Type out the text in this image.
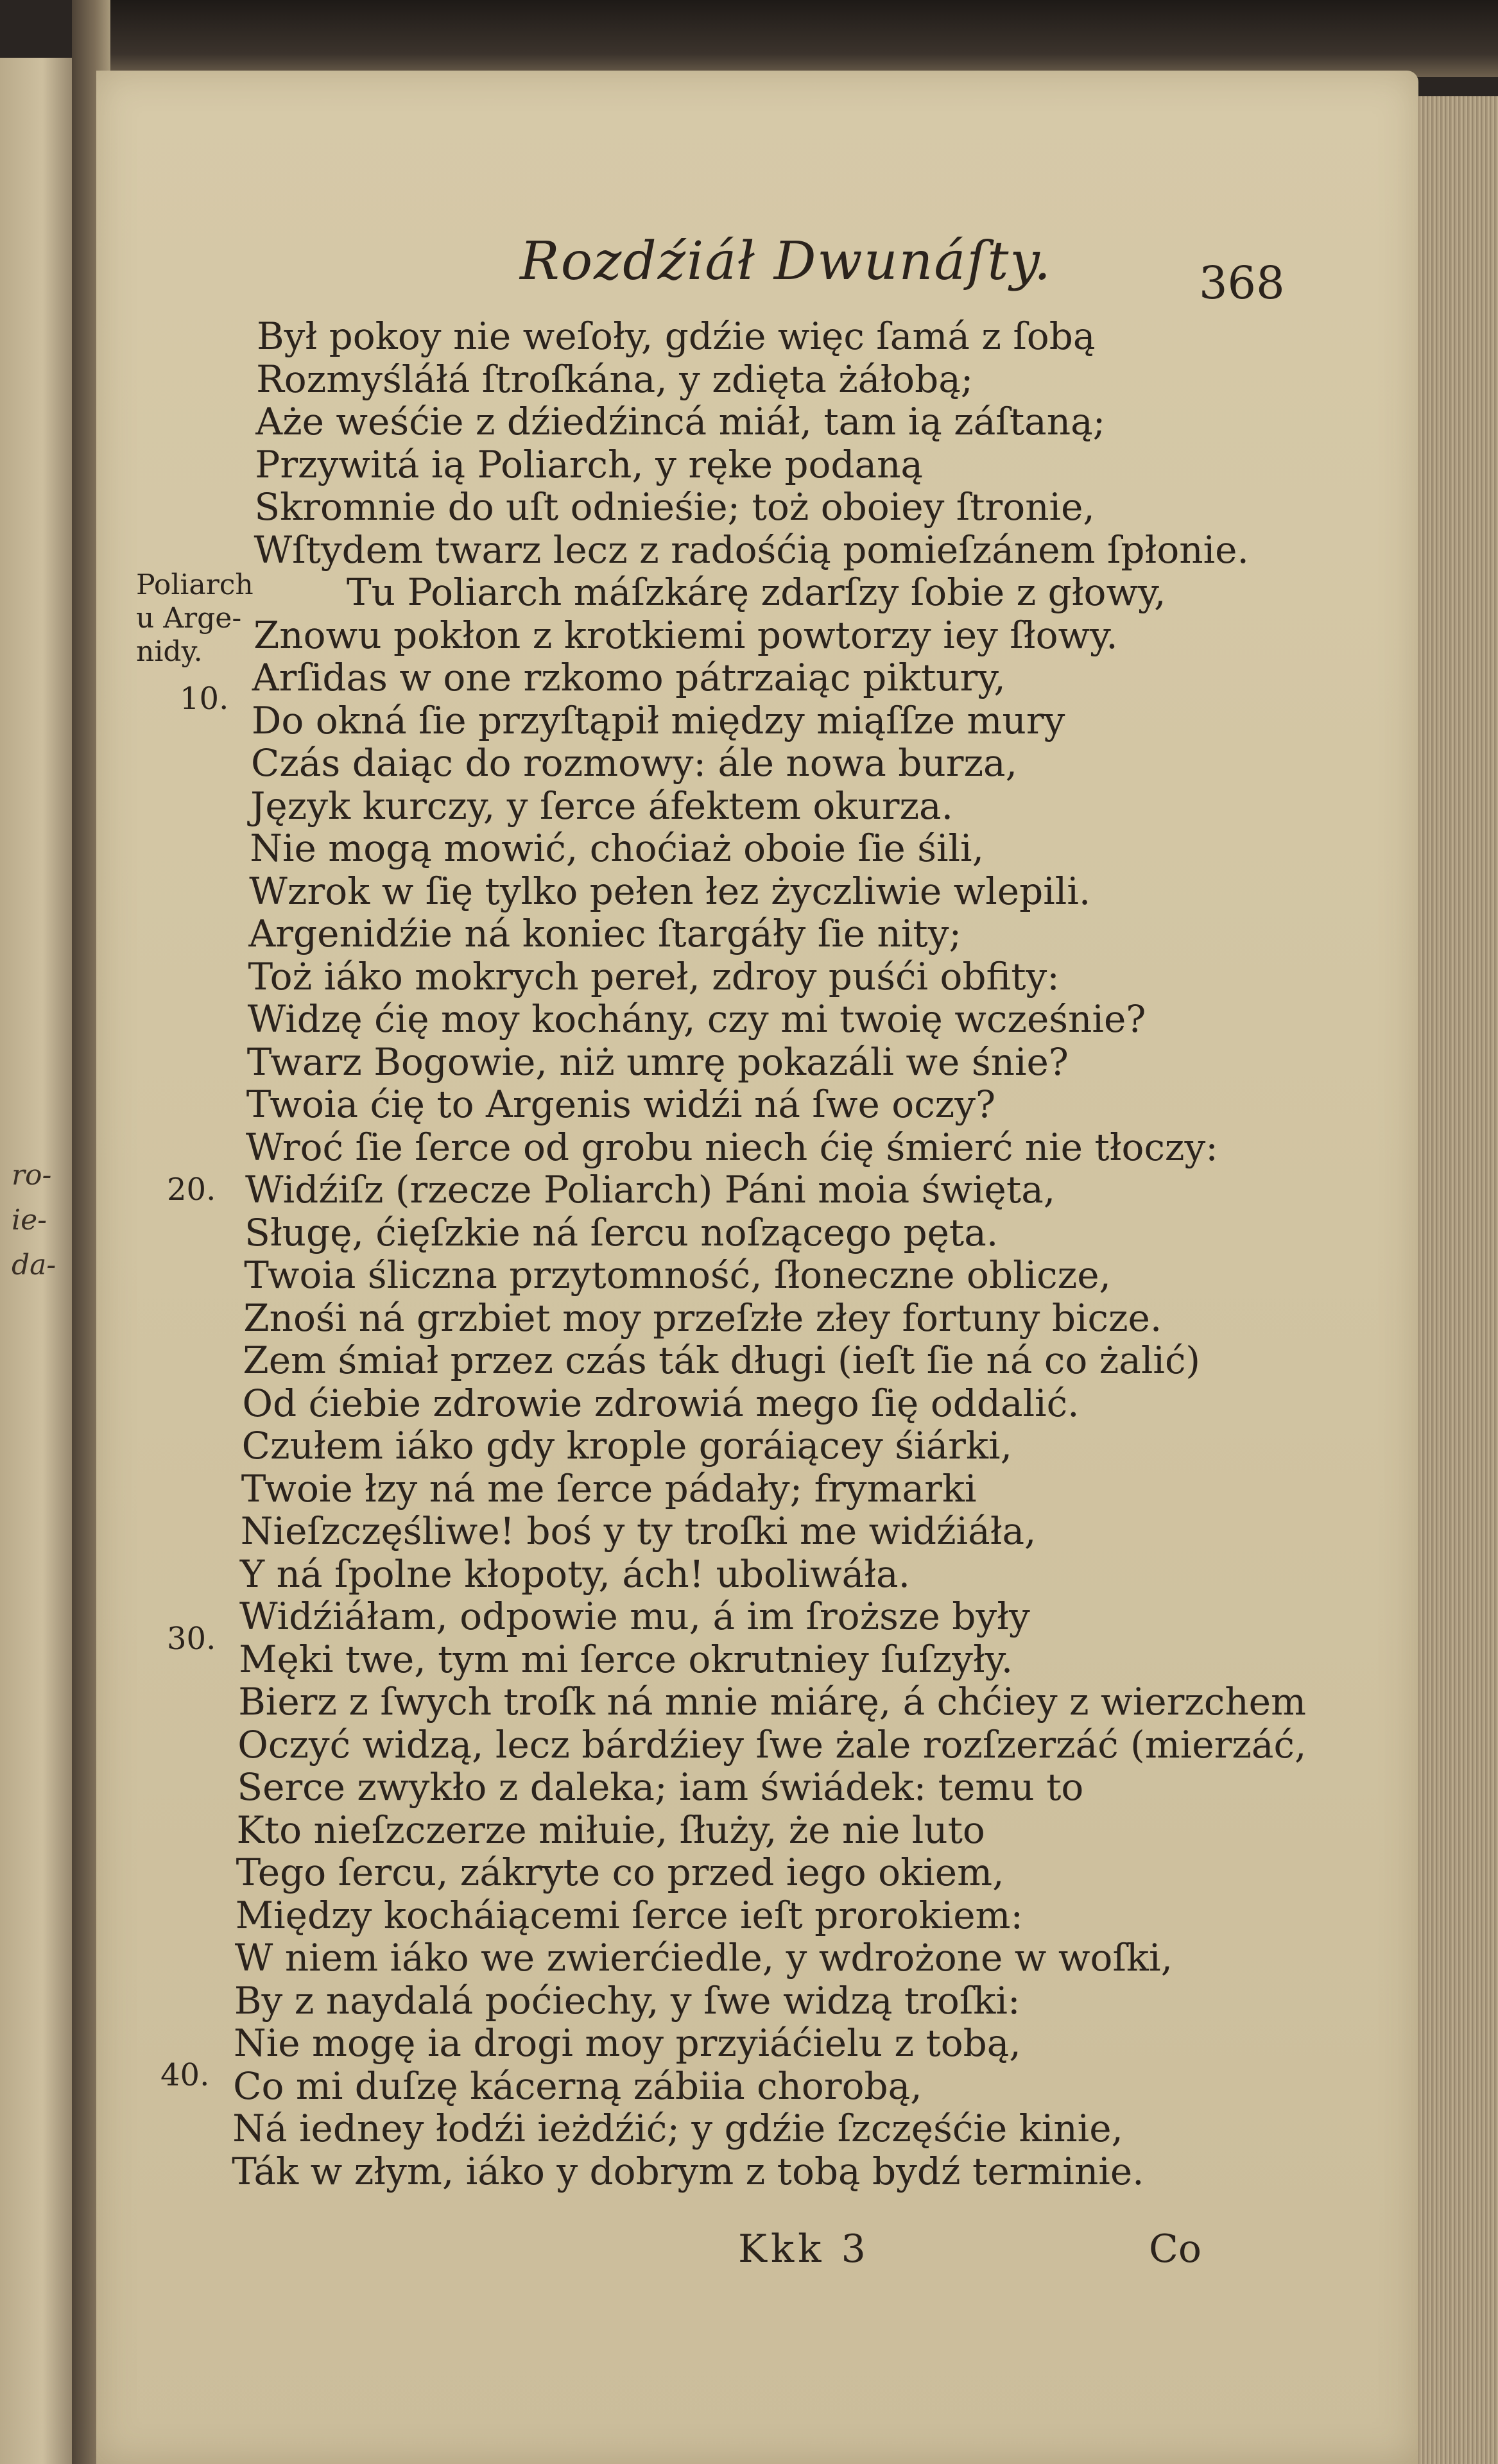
ro-
ie-
da-
Rozdźiáł Dwunáſty.	368
Poliarch
u Arge-
nidy.
10.
20.
30.
40.
Był pokoy nie weſoły, gdźie więc ſamá z ſobą
Rozmyśláłá ſtroſkána, y zdięta żáłobą;
Aże weśćie z dźiedźincá miáł, tam ią záſtaną;
Przywitá ią Poliarch, y ręke podaną
Skromnie do uſt odnieśie; toż oboiey ſtronie,
Wſtydem twarz lecz z radośćią pomieſzánem ſpłonie.
Tu Poliarch máſzkárę zdarſzy ſobie z głowy,
Znowu pokłon z krotkiemi powtorzy iey ſłowy.
Arſidas w one rzkomo pátrzaiąc piktury,
Do okná ſie przyſtąpił między miąſſze mury
Czás daiąc do rozmowy: ále nowa burza,
Język kurczy, y ſerce áfektem okurza.
Nie mogą mowić, choćiaż oboie ſie śili,
Wzrok w ſię tylko pełen łez życzliwie wlepili.
Argenidźie ná koniec ſtargáły ſie nity;
Toż iáko mokrych pereł, zdroy puśći obfity:
Widzę ćię moy kochány, czy mi twoię wcześnie?
Twarz Bogowie, niż umrę pokazáli we śnie?
Twoia ćię to Argenis widźi ná ſwe oczy?
Wroć ſie ſerce od grobu niech ćię śmierć nie tłoczy:
Widźiſz (rzecze Poliarch) Páni moia święta,
Sługę, ćięſzkie ná ſercu noſzącego pęta.
Twoia śliczna przytomność, ſłoneczne oblicze,
Znośi ná grzbiet moy przeſzłe złey fortuny bicze.
Zem śmiał przez czás ták długi (ieſt ſie ná co żalić)
Od ćiebie zdrowie zdrowiá mego ſię oddalić.
Czułem iáko gdy krople goráiącey śiárki,
Twoie łzy ná me ſerce pádały; frymarki
Nieſzczęśliwe! boś y ty troſki me widźiáła,
Y ná ſpolne kłopoty, ách! uboliwáła.
Widźiáłam, odpowie mu, á im ſroższe były
Męki twe, tym mi ſerce okrutniey ſuſzyły.
Bierz z ſwych troſk ná mnie miárę, á chćiey z wierzchem
Oczyć widzą, lecz bárdźiey ſwe żale rozſzerzáć (mierzáć,
Serce zwykło z daleka; iam świádek: temu to
Kto nieſzczerze miłuie, ſłuży, że nie luto
Tego ſercu, zákryte co przed iego okiem,
Między kocháiącemi ſerce ieſt prorokiem:
W niem iáko we zwierćiedle, y wdrożone w woſki,
By z naydalá poćiechy, y ſwe widzą troſki:
Nie mogę ia drogi moy przyiáćielu z tobą,
Co mi duſzę kácerną zábiia chorobą,
Ná iedney łodźi ieżdźić; y gdźie ſzczęśćie kinie,
Ták w złym, iáko y dobrym z tobą bydź terminie.
Kkk 3	Co
